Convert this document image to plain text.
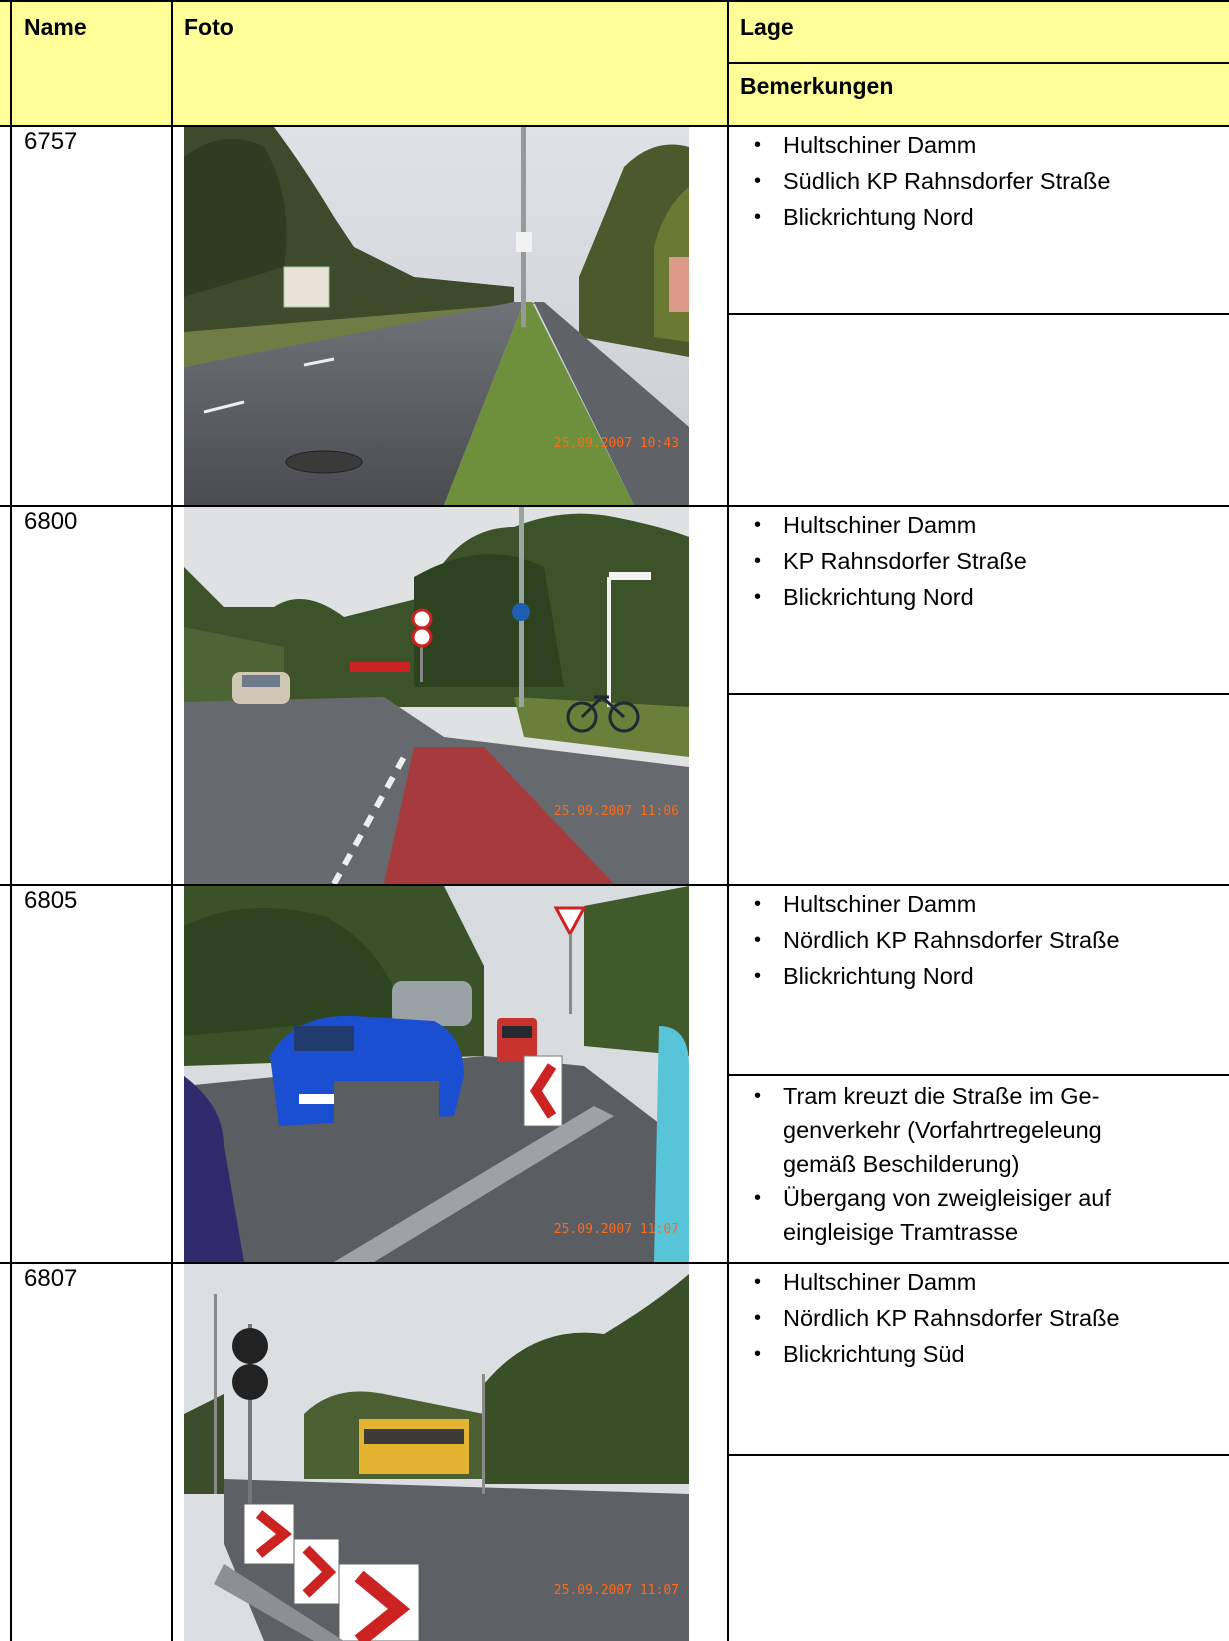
Name	Foto	Lage
Bemerkungen
6757
25.09.2007 10:43
• Hultschiner Damm
• Südlich KP Rahnsdorfer Straße
• Blickrichtung Nord
6800
25.09.2007 11:06
• Hultschiner Damm
• KP Rahnsdorfer Straße
• Blickrichtung Nord
6805
25.09.2007 11:07
• Hultschiner Damm
• Nördlich KP Rahnsdorfer Straße
• Blickrichtung Nord
• Tram kreuzt die Straße im Ge-
genverkehr (Vorfahrtregeleung
gemäß Beschilderung)
• Übergang von zweigleisiger auf
eingleisige Tramtrasse
6807
25.09.2007 11:07
• Hultschiner Damm
• Nördlich KP Rahnsdorfer Straße
• Blickrichtung Süd
